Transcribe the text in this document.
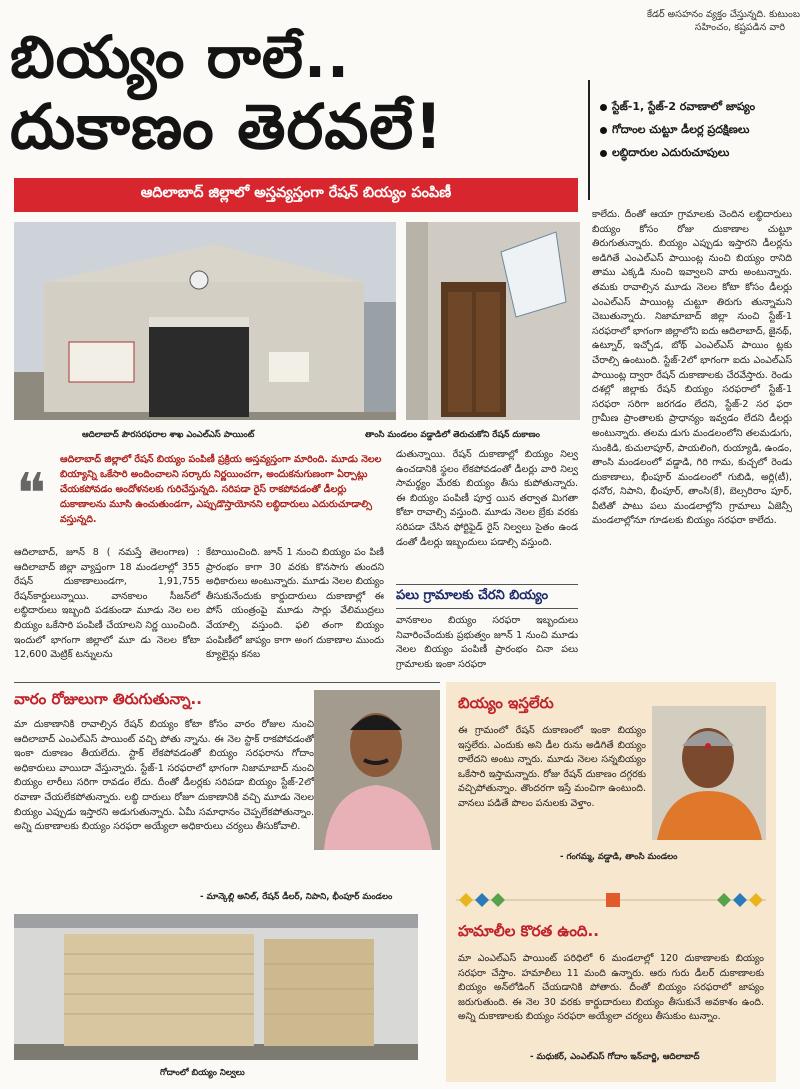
కేడర్ అసహనం వ్యక్తం చేస్తున్నది. కుటుంబ
సహించం, కష్టపడిన వారి
బియ్యం రాలే..
దుకాణం తెరవలే!	స్టేజ్-1, స్టేజ్-2 రవాణాలో జాప్యం
గోదాంల చుట్టూ డీలర్ల ప్రదక్షిణలు
లబ్ధిదారుల ఎదురుచూపులు
ఆదిలాబాద్ జిల్లాలో అస్తవ్యస్తంగా రేషన్ బియ్యం పంపిణీ
ఆదిలాబాద్ పౌరసరఫరాల శాఖ ఎంఎల్ఎస్ పాయింట్	తాంసి మండలం వడ్డాడిలో తెరుచుకోని రేషన్ దుకాణం
❝
ఆదిలాబాద్ జిల్లాలో రేషన్ బియ్యం పంపిణీ ప్రక్రియ అస్తవ్యస్తంగా మారింది. మూడు నెలల బియ్యాన్ని ఒకేసారి అందించాలని సర్కారు నిర్ణయించగా, అందుకనుగుణంగా ఏర్పాట్లు చేయకపోవడం అందోళనలకు గురిచేస్తున్నది. సరిపడా రైస్ రాకపోవడంతో డీలర్లు దుకాణాలను మూసి ఉంచుతుండగా, ఎప్పుడొస్తాయోనని లబ్ధిదారులు ఎదురుచూడాల్సి వస్తున్నది.
ఆదిలాబాద్, జూన్ 8 ( నమస్తే తెలంగాణ) : ఆదిలాబాద్ జిల్లా వ్యాప్తంగా 18 మండలాల్లో 355 రేషన్ దుకాణాలుండగా, 1,91,755 రేషన్‌కార్డులున్నాయి. వానకాలం సీజన్‌లో లబ్ధిదారులు ఇబ్బంది పడకుండా మూడు నెల లల బియ్యం ఒకేసారి పంపిణీ చేయాలని నిర్ణ యించింది. ఇందులో భాగంగా జిల్లాలో మూ డు నెలల కోటా 12,600 మెట్రిక్ టన్నులను
కేటాయించింది. జూన్ 1 నుంచి బియ్యం పం పిణీ ప్రారంభం కాగా 30 వరకు కొనసాగు తుందని అధికారులు అంటున్నారు. మూడు నెలల బియ్యం తీసుకునేందుకు కార్డుదారులు దుకాణాల్లో ఈ పోస్ యంత్రంపై మూడు సార్లు వేలిముద్రలు వేయాల్సి వస్తుంది. ఫలి తంగా బియ్యం పంపిణీలో జాప్యం కాగా అంగ దుకాణాల ముందు క్యూలైన్లు కనబ
డుతున్నాయి. రేషన్ దుకాణాల్లో బియ్యం నిల్వ ఉంచడానికి స్థలం లేకపోవడంతో డీలర్లు వారి నిల్వ సామర్థ్యం మేరకు బియ్యం తీసు కుపోతున్నారు. ఈ బియ్యం పంపిణీ పూర్త యిన తర్వాత మిగతా కోటా రావాల్సి వస్తుంది. మూడు నెలల బ్రేకు వరకు సరిపడా చేసిన ఫోర్టిఫైడ్ రైస్ నిల్వలు సైతం ఉండ డంతో డీలర్లు ఇబ్బందులు పడాల్సి వస్తుంది.
పలు గ్రామాలకు చేరని బియ్యం
వానకాలం బియ్యం సరఫరా ఇబ్బందులు నివారించేందుకు ప్రభుత్వం జూన్ 1 నుంచి మూడు నెలల బియ్యం పంపిణీ ప్రారంభం చినా పలు గ్రామాలకు ఇంకా సరఫరా
కాలేదు. దీంతో ఆయా గ్రామాలకు చెందిన లబ్ధిదారులు బియ్యం కోసం రోజు దుకాణాల చుట్టూ తిరుగుతున్నారు. బియ్యం ఎప్పుడు ఇస్తారని డీలర్లను అడిగితే ఎంఎల్ఎస్ పాయింట్ల నుంచి బియ్యం రానిది తాము ఎక్కడి నుంచి ఇవ్వాలని వారు అంటున్నారు. తమకు రావాల్సిన మూడు నెలల కోటా కోసం డీలర్లు ఎంఎల్ఎస్ పాయింట్ల చుట్టూ తిరుగు తున్నామని చెబుతున్నారు. నిజామాబాద్ జిల్లా నుంచి స్టేజ్-1 సరఫరాలో భాగంగా జిల్లాలోని ఐదు ఆదిలాబాద్, జైనథ్, ఉట్నూర్, ఇచ్చోడ, బోథ్ ఎంఎల్ఎస్ పాయిం ట్లకు చేరాల్సి ఉంటుంది. స్టేజ్-2లో భాగంగా ఐదు ఎంఎల్ఎస్ పాయింట్ల ద్వారా రేషన్ దుకాణాలకు చేరవేస్తారు. రెండు దశల్లో జిల్లాకు రేషన్ బియ్యం సరఫరాలో స్టేజ్-1 సరఫరా సరిగా జరగడం లేదని, స్టేజ్-2 సర ఫరా గ్రామీణ ప్రాంతాలకు ప్రాధాన్యం ఇవ్వడం లేదని డీలర్లు అంటున్నారు. తలమ డుగు మండలంలోని తలమడుగు, సుంకిడి, కుచులాపూర్, పాయలింగి, రుయ్యాడి, ఉండం, తాంసి మండలంలో వడ్డాడి, గిరి గామ, కుచ్చలో రెండు దుకాణాలు, భీంపూర్ మండలంలో గుబిడి, అర్లి(టీ), ధనోర, నిపాని, భీంపూర్, తాంసి(కే), బెల్సరిరాం పూర్, వీటితో పాటు పలు మండలాల్లోని గ్రామాలు ఏజెన్సీ మండలాల్లోనూ గూడలకు బియ్యం సరఫరా కాలేదు.
వారం రోజులుగా తిరుగుతున్నా..
మా దుకాణానికి రావాల్సిన రేషన్ బియ్యం కోటా కోసం వారం రోజుల నుంచి ఆదిలాబాద్ ఎంఎల్ఎస్ పాయింట్ వచ్చి పోతు న్నాను. ఈ నెల స్టాక్ రాకపోవడంతో ఇంకా దుకాణం తీయలేదు. స్టాక్ లేకపోవడంతో బియ్యం సరఫరాను గోదాం అధికారులు వాయిదా వేస్తున్నారు. స్టేజ్-1 సరఫరాలో భాగంగా నిజామాబాద్ నుంచి బియ్యం లారీలు సరిగా రావడం లేదు. దీంతో డీలర్లకు సరిపడా బియ్యం స్టేజ్-2లో రవాణా చేయలేకపోతున్నారు. లబ్ధి దారులు రోజూ దుకాణానికి వచ్చి మూడు నెలల బియ్యం ఎప్పుడు ఇస్తారని అడుగుతున్నారు. ఏమీ సమాధానం చెప్పలేకపోతున్నాం. అన్ని దుకాణాలకు బియ్యం సరఫరా అయ్యేలా అధికారులు చర్యలు తీసుకోవాలి.
- మాన్కెల్లి అనిల్, రేషన్ డీలర్, నిపాని, భీంపూర్ మండలం
గోదాంలో బియ్యం నిల్వలు
బియ్యం ఇస్తలేరు
ఈ గ్రామంలో రేషన్ దుకాణంలో ఇంకా బియ్యం ఇస్తలేరు. ఎందుకు అని డీల రును అడిగితే బియ్యం రాలేదని అంటు న్నారు. మూడు నెలల సన్నబియ్యం ఒకేసారి ఇస్తామన్నారు. రోజు రేషన్ దుకాణం దగ్గరకు వచ్చిపోతున్నాం. తొందరగా ఇస్తే మంచిగా ఉంటుంది. వానలు పడితే పొలం పనులకు వెళ్తాం.
- గంగమ్మ, వడ్డాడి, తాంసి మండలం
హమాలీల కొరత ఉంది..
మా ఎంఎల్ఎస్ పాయింట్ పరిధిలో 6 మండలాల్లో 120 దుకాణాలకు బియ్యం సరఫరా చేస్తాం. హమాలీలు 11 మంది ఉన్నారు. ఆరు గురు డీలర్ దుకాణాలకు బియ్యం అన్‌లోడింగ్ చేయడానికి పోతారు. దీంతో బియ్యం సరఫరాలో జాప్యం జరుగుతుంది. ఈ నెల 30 వరకు కార్డుదారులు బియ్యం తీసుకునే అవకాశం ఉంది. అన్ని దుకాణాలకు బియ్యం సరఫరా అయ్యేలా చర్యలు తీసుకుం టున్నాం.
- మధుకర్, ఎంఎల్ఎస్ గోదాం ఇన్‌చార్జి, ఆదిలాబాద్
